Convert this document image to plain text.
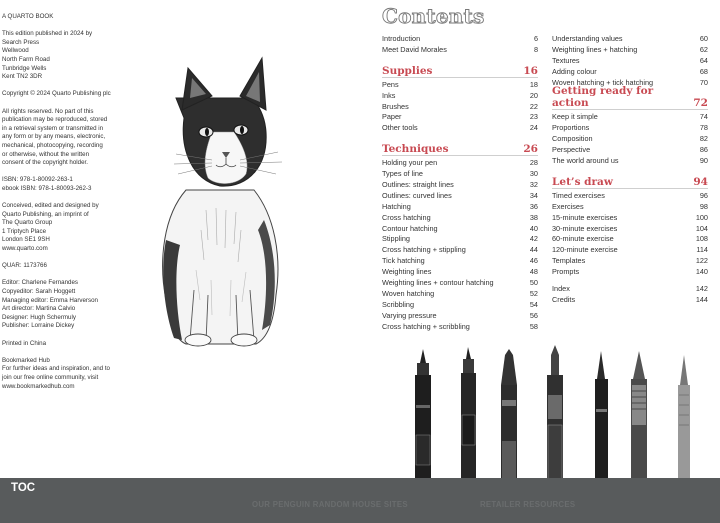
A QUARTO BOOK

This edition published in 2024 by
Search Press
Wellwood
North Farm Road
Tunbridge Wells
Kent TN2 3DR

Copyright © 2024 Quarto Publishing plc

All rights reserved. No part of this
publication may be reproduced, stored
in a retrieval system or transmitted in
any form or by any means, electronic,
mechanical, photocopying, recording
or otherwise, without the written
consent of the copyright holder.

ISBN: 978-1-80092-263-1
ebook ISBN: 978-1-80093-262-3

Conceived, edited and designed by
Quarto Publishing, an imprint of
The Quarto Group
1 Triptych Place
London SE1 9SH
www.quarto.com

QUAR: 1173766

Editor: Charlene Fernandes
Copyeditor: Sarah Hoggett
Managing editor: Emma Harverson
Art director: Martina Calvio
Designer: Hugh Schermuly
Publisher: Lorraine Dickey

Printed in China

Bookmarked Hub
For further ideas and inspiration, and to
join our free online community, visit
www.bookmarkedhub.com

Contents
Introduction	6
Meet David Morales	8
Supplies	16
Pens	18
Inks	20
Brushes	22
Paper	23
Other tools	24
Techniques	26
Holding your pen	28
Types of line	30
Outlines: straight lines	32
Outlines: curved lines	34
Hatching	36
Cross hatching	38
Contour hatching	40
Stippling	42
Cross hatching + stippling	44
Tick hatching	46
Weighting lines	48
Weighting lines + contour hatching	50
Woven hatching	52
Scribbling	54
Varying pressure	56
Cross hatching + scribbling	58
Understanding values	60
Weighting lines + hatching	62
Textures	64
Adding colour	68
Woven hatching + tick hatching	70
Getting ready for action	72
Keep it simple	74
Proportions	78
Composition	82
Perspective	86
The world around us	90
Let’s draw	94
Timed exercises	96
Exercises	98
15-minute exercises	100
30-minute exercises	104
60-minute exercise	108
120-minute exercise	114
Templates	122
Prompts	140
Index	142
Credits	144
TOC
OUR PENGUIN RANDOM HOUSE SITES	RETAILER RESOURCES
